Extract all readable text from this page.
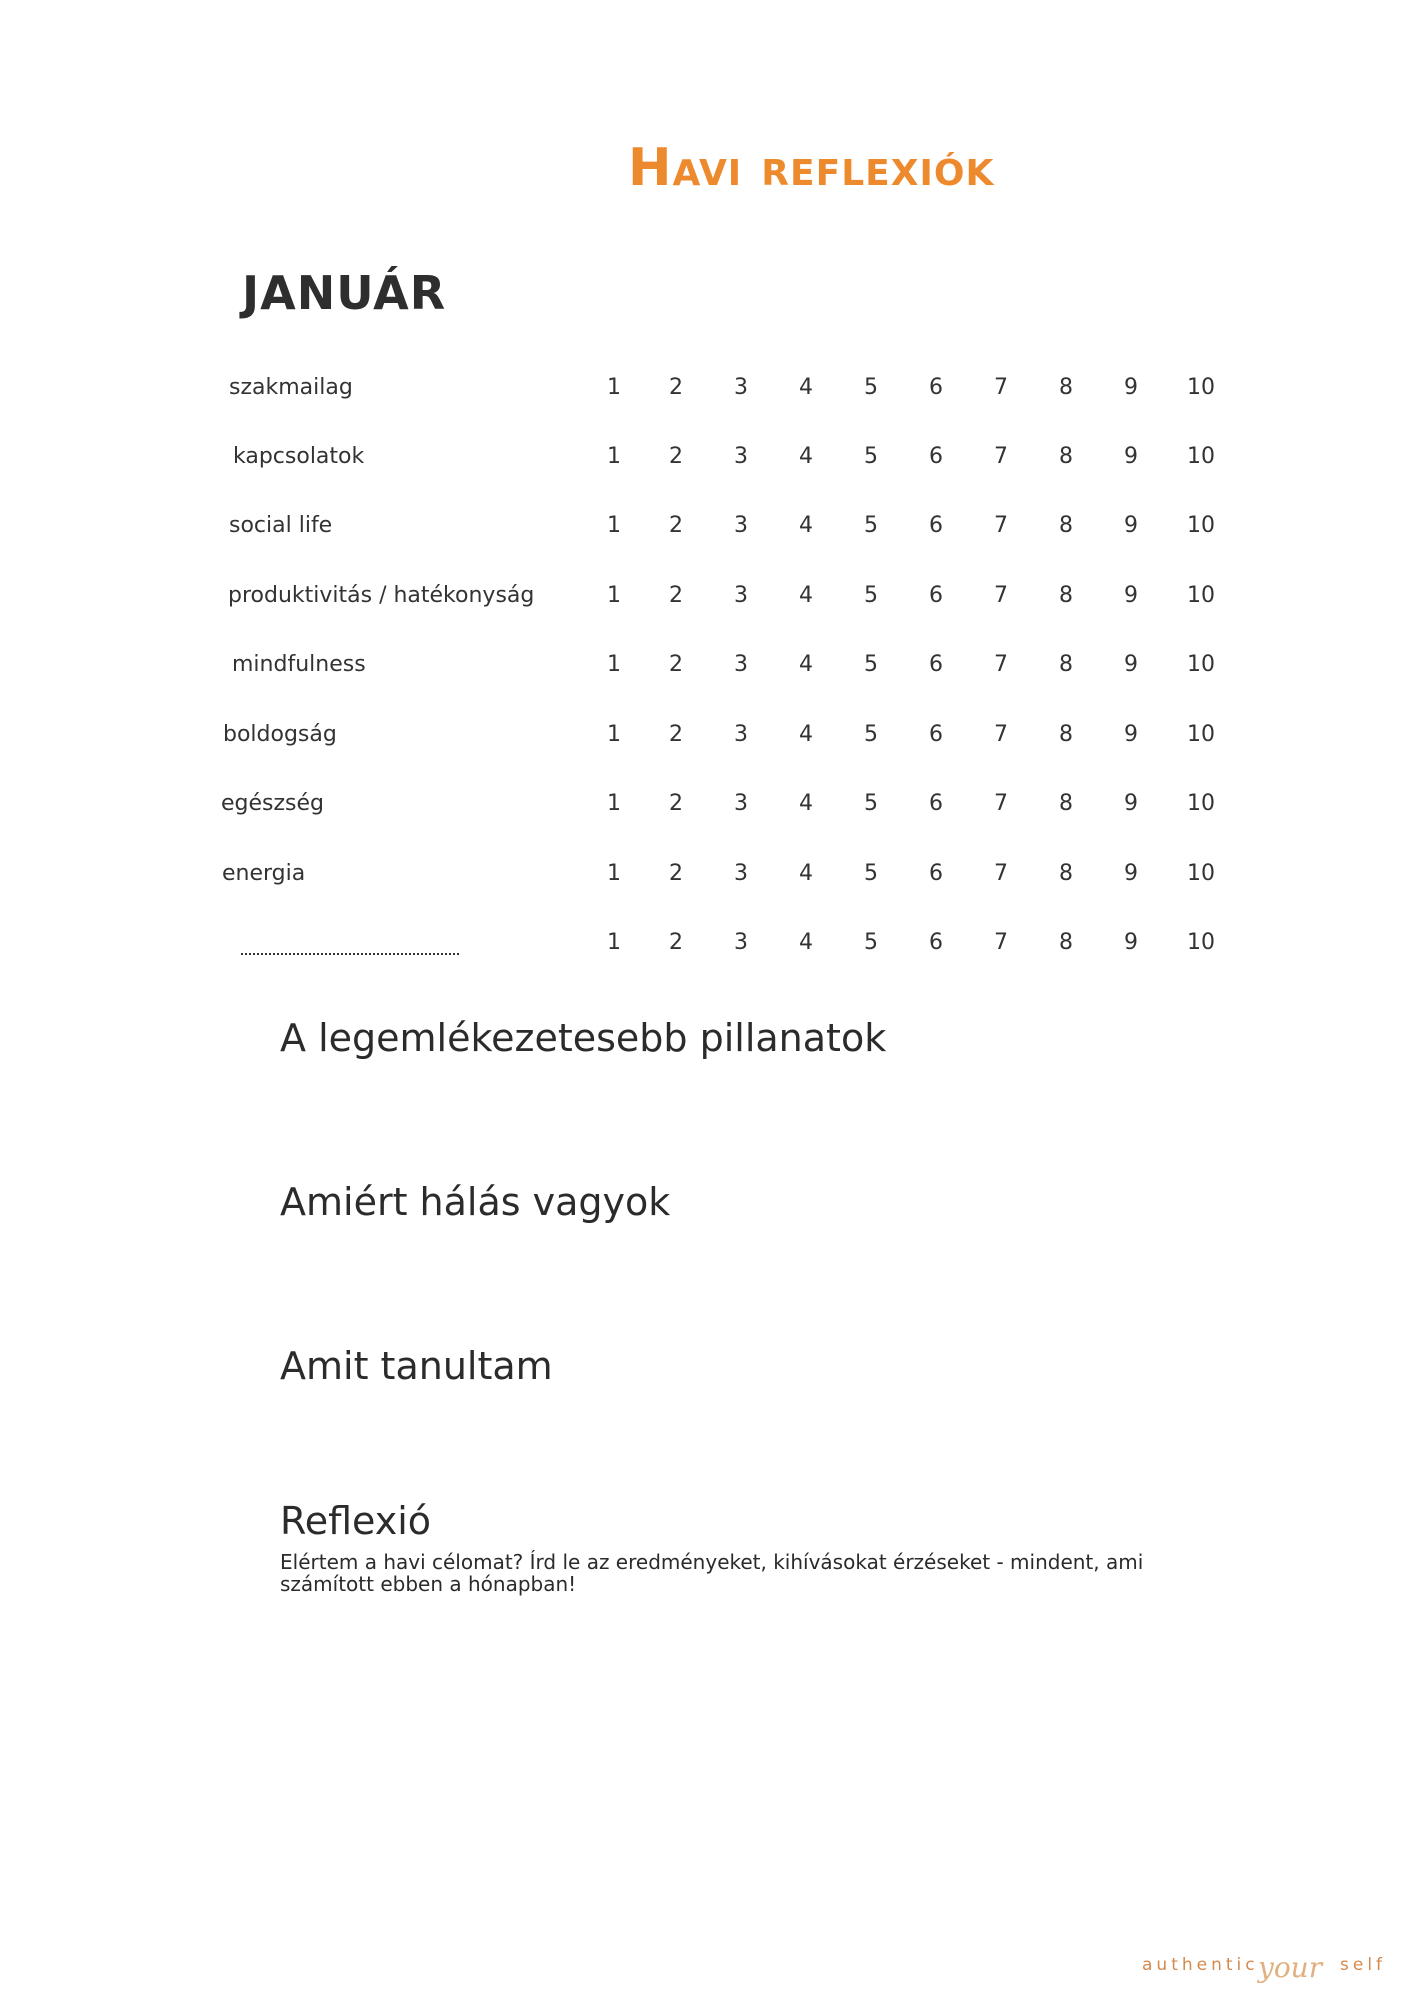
Havi reflexiók
JANUÁR
szakmailag	1	2	3	4	5	6	7	8	9	10
kapcsolatok	1	2	3	4	5	6	7	8	9	10
social life	1	2	3	4	5	6	7	8	9	10
produktivitás / hatékonyság	1	2	3	4	5	6	7	8	9	10
mindfulness	1	2	3	4	5	6	7	8	9	10
boldogság	1	2	3	4	5	6	7	8	9	10
egészség	1	2	3	4	5	6	7	8	9	10
energia	1	2	3	4	5	6	7	8	9	10
1	2	3	4	5	6	7	8	9	10
A legemlékezetesebb pillanatok
Amiért hálás vagyok
Amit tanultam
Reflexió

Elértem a havi célomat? Írd le az eredményeket, kihívásokat érzéseket - mindent, ami számított ebben a hónapban!

authentic your self
